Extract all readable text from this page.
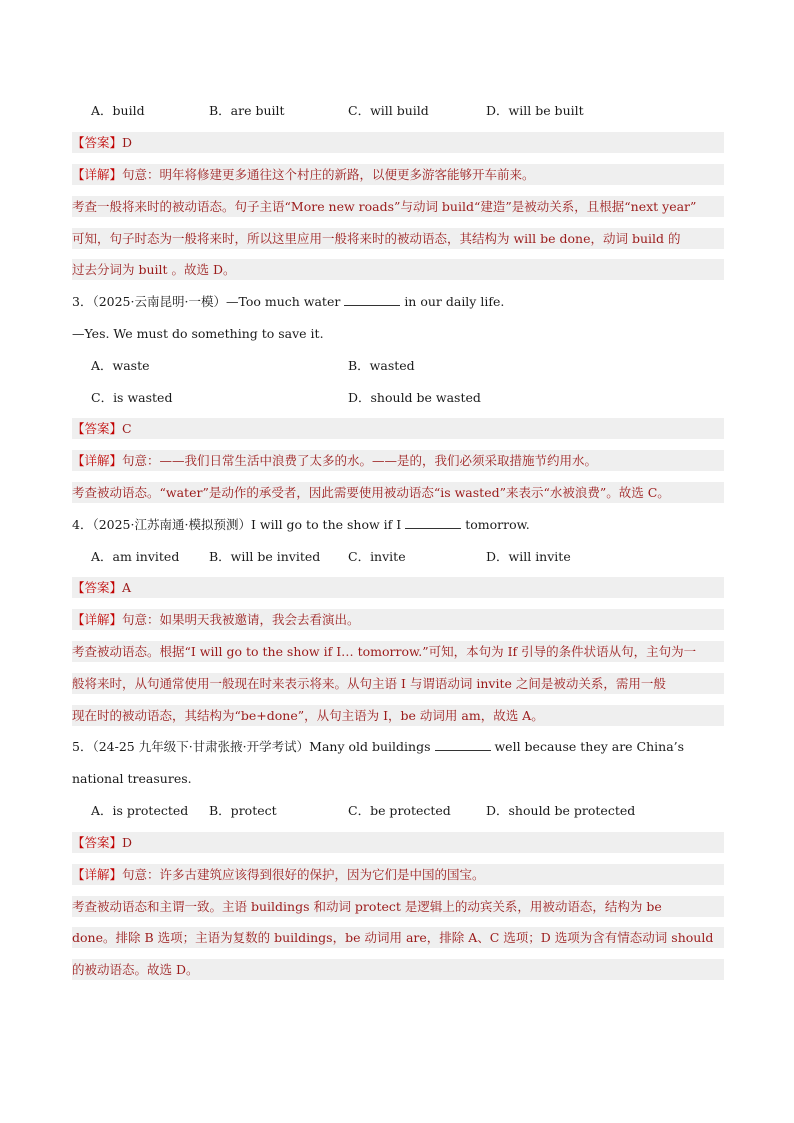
A．build	B．are built	C．will build	D．will be built
【答案】D
【详解】句意：明年将修建更多通往这个村庄的新路，以便更多游客能够开车前来。
考查一般将来时的被动语态。句子主语“More new roads”与动词 build“建造”是被动关系，且根据“next year”
可知，句子时态为一般将来时，所以这里应用一般将来时的被动语态，其结构为 will be done，动词 build 的
过去分词为 built 。故选 D。
3．（2025·云南昆明·一模）—Too much water	in our daily life.
—Yes. We must do something to save it.
A．waste	B．wasted
C．is wasted	D．should be wasted
【答案】C
【详解】句意：——我们日常生活中浪费了太多的水。——是的，我们必须采取措施节约用水。
考查被动语态。“water”是动作的承受者，因此需要使用被动语态“is wasted”来表示“水被浪费”。故选 C。
4．（2025·江苏南通·模拟预测）I will go to the show if I	tomorrow.
A．am invited B．will be invited C．invite	D．will invite
【答案】A
【详解】句意：如果明天我被邀请，我会去看演出。
考查被动语态。根据“I will go to the show if I… tomorrow.”可知，本句为 If 引导的条件状语从句，主句为一
般将来时，从句通常使用一般现在时来表示将来。从句主语 I 与谓语动词 invite 之间是被动关系，需用一般
现在时的被动语态，其结构为“be+done”，从句主语为 I，be 动词用 am，故选 A。
5．（24-25 九年级下·甘肃张掖·开学考试）Many old buildings	well because they are China’s
national treasures.
A．is protected B．protect	C．be protected	D．should be protected
【答案】D
【详解】句意：许多古建筑应该得到很好的保护，因为它们是中国的国宝。
考查被动语态和主谓一致。主语 buildings 和动词 protect 是逻辑上的动宾关系，用被动语态，结构为 be
done。排除 B 选项；主语为复数的 buildings，be 动词用 are，排除 A、C 选项；D 选项为含有情态动词 should
的被动语态。故选 D。
